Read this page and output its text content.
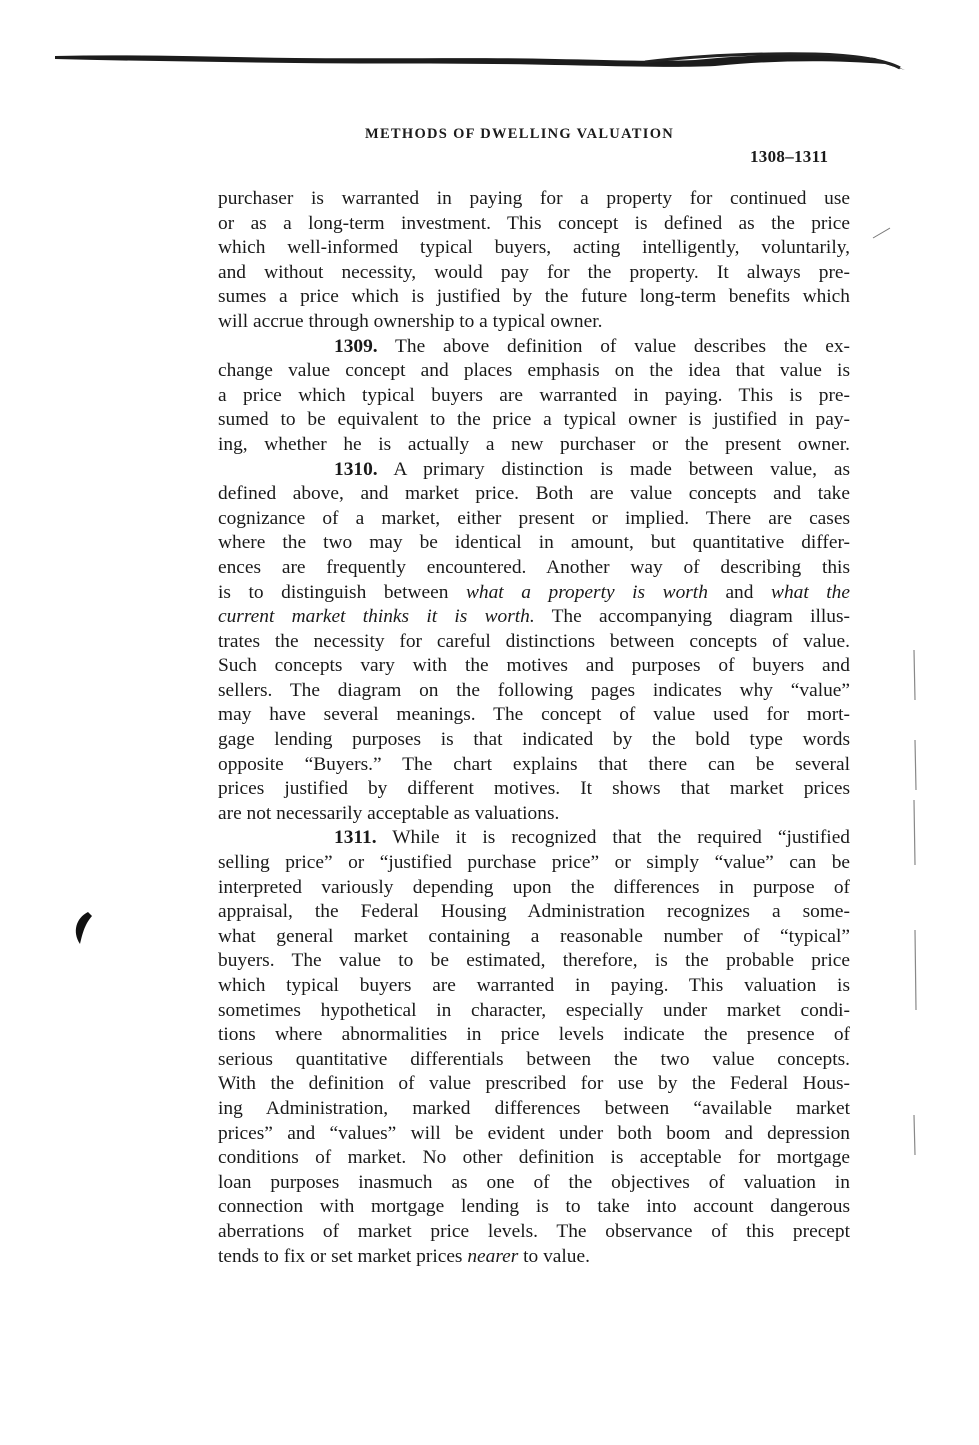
METHODS OF DWELLING VALUATION
1308–1311
purchaser is warranted in paying for a property for continued use
or as a long-term investment. This concept is defined as the price
which well-informed typical buyers, acting intelligently, voluntarily,
and without necessity, would pay for the property. It always pre-
sumes a price which is justified by the future long-term benefits which
will accrue through ownership to a typical owner.
1309. The above definition of value describes the ex-
change value concept and places emphasis on the idea that value is
a price which typical buyers are warranted in paying. This is pre-
sumed to be equivalent to the price a typical owner is justified in pay-
ing, whether he is actually a new purchaser or the present owner.
1310. A primary distinction is made between value, as
defined above, and market price. Both are value concepts and take
cognizance of a market, either present or implied. There are cases
where the two may be identical in amount, but quantitative differ-
ences are frequently encountered. Another way of describing this
is to distinguish between what a property is worth and what the
current market thinks it is worth. The accompanying diagram illus-
trates the necessity for careful distinctions between concepts of value.
Such concepts vary with the motives and purposes of buyers and
sellers. The diagram on the following pages indicates why “value”
may have several meanings. The concept of value used for mort-
gage lending purposes is that indicated by the bold type words
opposite “Buyers.” The chart explains that there can be several
prices justified by different motives. It shows that market prices
are not necessarily acceptable as valuations.
1311. While it is recognized that the required “justified
selling price” or “justified purchase price” or simply “value” can be
interpreted variously depending upon the differences in purpose of
appraisal, the Federal Housing Administration recognizes a some-
what general market containing a reasonable number of “typical”
buyers. The value to be estimated, therefore, is the probable price
which typical buyers are warranted in paying. This valuation is
sometimes hypothetical in character, especially under market condi-
tions where abnormalities in price levels indicate the presence of
serious quantitative differentials between the two value concepts.
With the definition of value prescribed for use by the Federal Hous-
ing Administration, marked differences between “available market
prices” and “values” will be evident under both boom and depression
conditions of market. No other definition is acceptable for mortgage
loan purposes inasmuch as one of the objectives of valuation in
connection with mortgage lending is to take into account dangerous
aberrations of market price levels. The observance of this precept
tends to fix or set market prices nearer to value.
